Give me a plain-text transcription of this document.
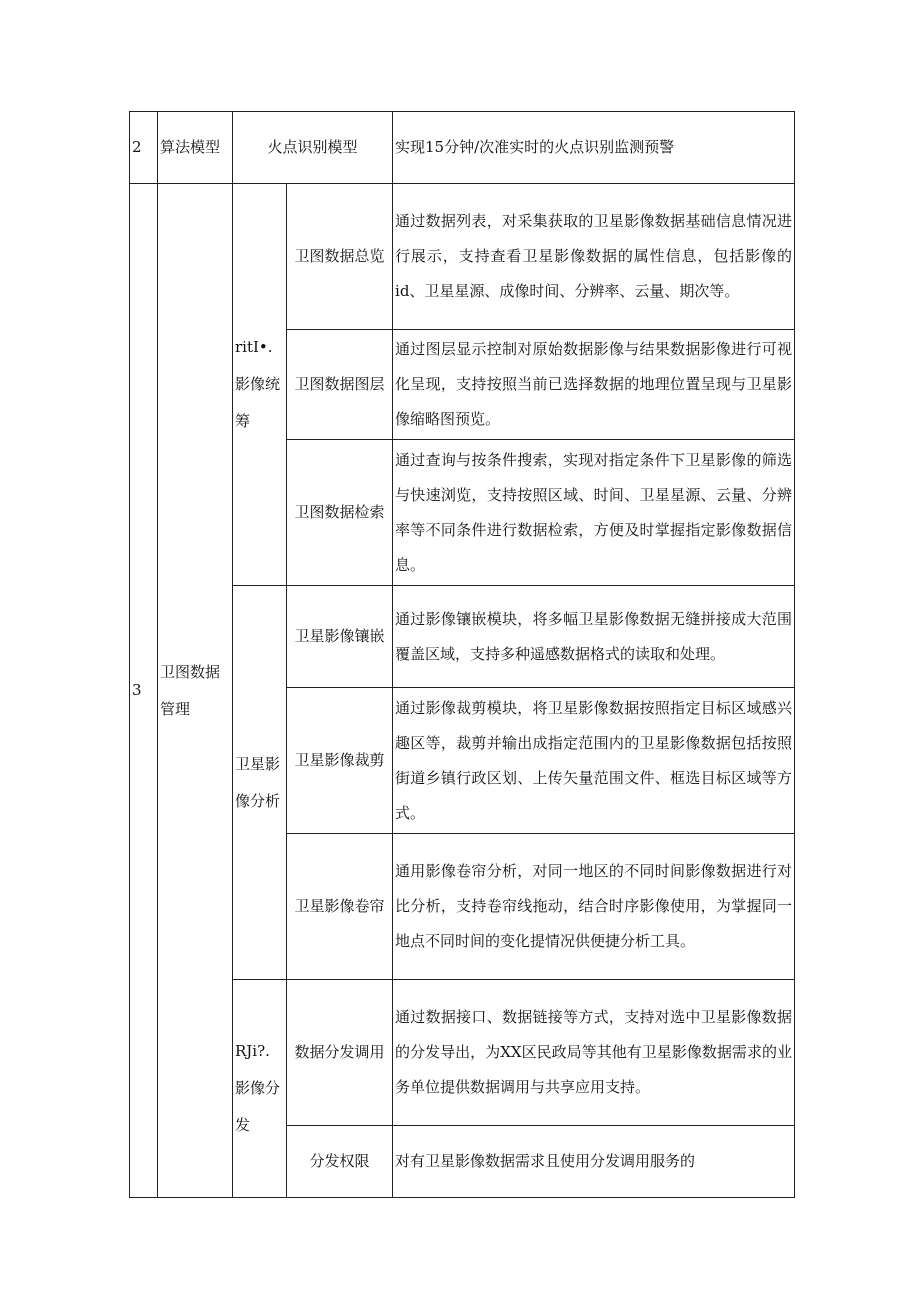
2	算法模型	火点识别模型		实现15分钟/次准实时的火点识别监测预警

3	卫图数据管理	ritI•.影像统筹	卫图数据总览	通过数据列表，对采集获取的卫星影像数据基础信息情况进行展示，支持查看卫星影像数据的属性信息，包括影像的id、卫星星源、成像时间、分辨率、云量、期次等。

			卫图数据图层	通过图层显示控制对原始数据影像与结果数据影像进行可视化呈现，支持按照当前已选择数据的地理位置呈现与卫星影像缩略图预览。

			卫图数据检索	通过查询与按条件搜索，实现对指定条件下卫星影像的筛选与快速浏览，支持按照区域、时间、卫星星源、云量、分辨率等不同条件进行数据检索，方便及时掌握指定影像数据信息。

		卫星影像分析	卫星影像镶嵌	通过影像镶嵌模块，将多幅卫星影像数据无缝拼接成大范围覆盖区域，支持多种遥感数据格式的读取和处理。

			卫星影像裁剪	通过影像裁剪模块，将卫星影像数据按照指定目标区域感兴趣区等，裁剪并输出成指定范围内的卫星影像数据包括按照街道乡镇行政区划、上传矢量范围文件、框选目标区域等方式。

			卫星影像卷帘	通用影像卷帘分析，对同一地区的不同时间影像数据进行对比分析，支持卷帘线拖动，结合时序影像使用，为掌握同一地点不同时间的变化提情况供便捷分析工具。

		RJi?.影像分发	数据分发调用	通过数据接口、数据链接等方式，支持对选中卫星影像数据的分发导出，为XX区民政局等其他有卫星影像数据需求的业务单位提供数据调用与共享应用支持。

			分发权限	对有卫星影像数据需求且使用分发调用服务的
